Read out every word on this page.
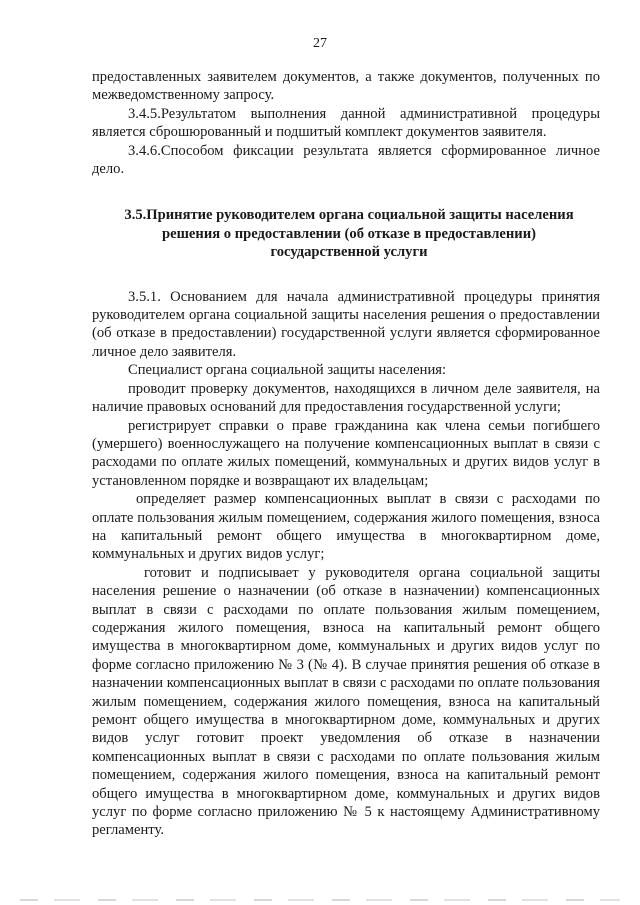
27

предоставленных заявителем документов, а также документов, полученных по межведомственному запросу.

3.4.5.Результатом выполнения данной административной процедуры является сброшюрованный и подшитый комплект документов заявителя.

3.4.6.Способом фиксации результата является сформированное личное дело.

3.5.Принятие руководителем органа социальной защиты населения решения о предоставлении (об отказе в предоставлении) государственной услуги

3.5.1. Основанием для начала административной процедуры принятия руководителем органа социальной защиты населения решения о предоставлении (об отказе в предоставлении) государственной услуги является сформированное личное дело заявителя.

Специалист органа социальной защиты населения:

проводит проверку документов, находящихся в личном деле заявителя, на наличие правовых оснований для предоставления государственной услуги;

регистрирует справки о праве гражданина как члена семьи погибшего (умершего) военнослужащего на получение компенсационных выплат в связи с расходами по оплате жилых помещений, коммунальных и других видов услуг в установленном порядке и возвращают их владельцам;

определяет размер компенсационных выплат в связи с расходами по оплате пользования жилым помещением, содержания жилого помещения, взноса на капитальный ремонт общего имущества в многоквартирном доме, коммунальных и других видов услуг;

готовит и подписывает у руководителя органа социальной защиты населения решение о назначении (об отказе в назначении) компенсационных выплат в связи с расходами по оплате пользования жилым помещением, содержания жилого помещения, взноса на капитальный ремонт общего имущества в многоквартирном доме, коммунальных и других видов услуг по форме согласно приложению № 3 (№ 4). В случае принятия решения об отказе в назначении компенсационных выплат в связи с расходами по оплате пользования жилым помещением, содержания жилого помещения, взноса на капитальный ремонт общего имущества в многоквартирном доме, коммунальных и других видов услуг готовит проект уведомления об отказе в назначении компенсационных выплат в связи с расходами по оплате пользования жилым помещением, содержания жилого помещения, взноса на капитальный ремонт общего имущества в многоквартирном доме, коммунальных и других видов услуг по форме согласно приложению № 5 к настоящему Административному регламенту.
